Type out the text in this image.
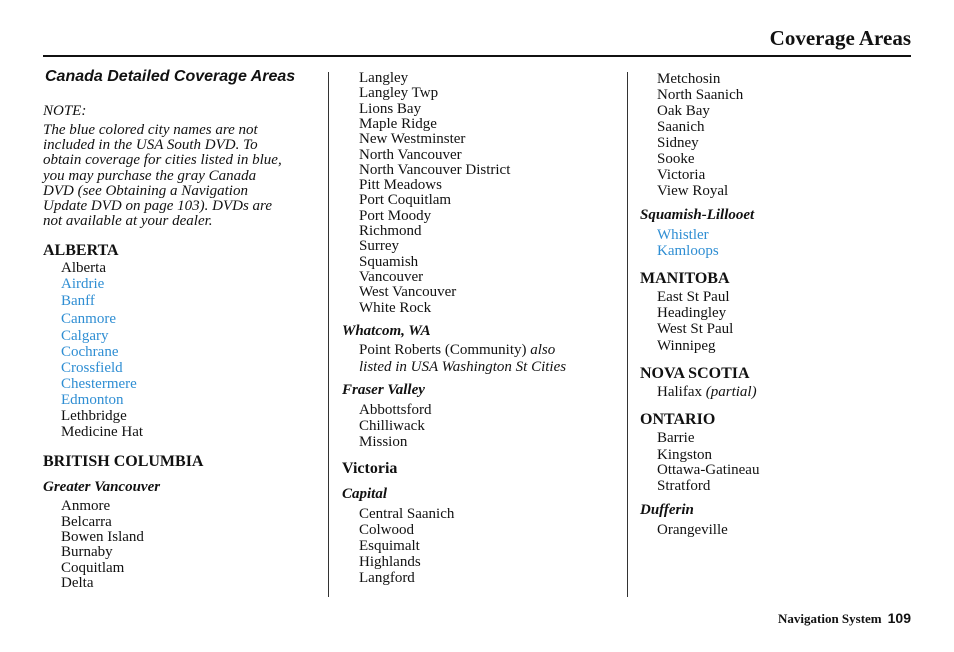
Coverage Areas
Canada Detailed Coverage Areas
NOTE:
The blue colored city names are not
included in the USA South DVD. To
obtain coverage for cities listed in blue,
you may purchase the gray Canada
DVD (see Obtaining a Navigation
Update DVD on page 103). DVDs are
not available at your dealer.
ALBERTA
Alberta
Airdrie
Banff
Canmore
Calgary
Cochrane
Crossfield
Chestermere
Edmonton
Lethbridge
Medicine Hat
BRITISH COLUMBIA
Greater Vancouver
Anmore
Belcarra
Bowen Island
Burnaby
Coquitlam
Delta
Langley
Langley Twp
Lions Bay
Maple Ridge
New Westminster
North Vancouver
North Vancouver District
Pitt Meadows
Port Coquitlam
Port Moody
Richmond
Surrey
Squamish
Vancouver
West Vancouver
White Rock
Whatcom, WA
Point Roberts (Community) also
listed in USA Washington St Cities
Fraser Valley
Abbottsford
Chilliwack
Mission
Victoria
Capital
Central Saanich
Colwood
Esquimalt
Highlands
Langford
Metchosin
North Saanich
Oak Bay
Saanich
Sidney
Sooke
Victoria
View Royal
Squamish-Lillooet
Whistler
Kamloops
MANITOBA
East St Paul
Headingley
West St Paul
Winnipeg
NOVA SCOTIA
Halifax (partial)
ONTARIO
Barrie
Kingston
Ottawa-Gatineau
Stratford
Dufferin
Orangeville
Navigation System 109
